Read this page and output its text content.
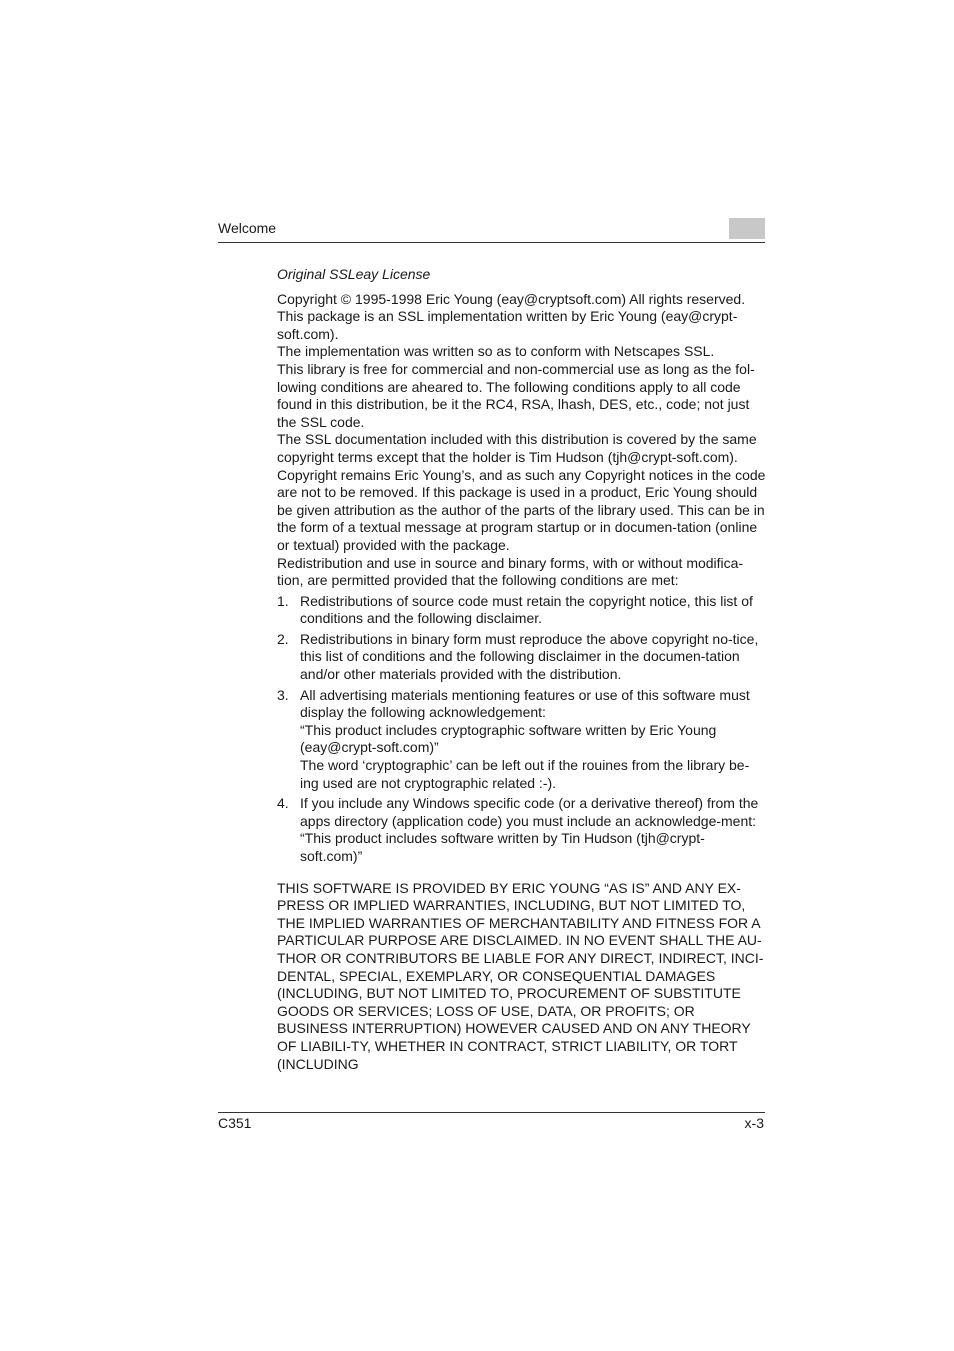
Welcome

Original SSLeay License

Copyright © 1995-1998 Eric Young (eay@cryptsoft.com) All rights reserved.

This package is an SSL implementation written by Eric Young (eay@crypt-soft.com).

The implementation was written so as to conform with Netscapes SSL.

This library is free for commercial and non-commercial use as long as the fol-lowing conditions are aheared to. The following conditions apply to all code found in this distribution, be it the RC4, RSA, lhash, DES, etc., code; not just the SSL code.

The SSL documentation included with this distribution is covered by the same copyright terms except that the holder is Tim Hudson (tjh@crypt-soft.com).

Copyright remains Eric Young’s, and as such any Copyright notices in the code are not to be removed. If this package is used in a product, Eric Young should be given attribution as the author of the parts of the library used. This can be in the form of a textual message at program startup or in documen-tation (online or textual) provided with the package.

Redistribution and use in source and binary forms, with or without modifica-tion, are permitted provided that the following conditions are met:

1. Redistributions of source code must retain the copyright notice, this list of conditions and the following disclaimer.

2. Redistributions in binary form must reproduce the above copyright no-tice, this list of conditions and the following disclaimer in the documen-tation and/or other materials provided with the distribution.

3. All advertising materials mentioning features or use of this software must display the following acknowledgement:

“This product includes cryptographic software written by Eric Young (eay@crypt-soft.com)”

The word ‘cryptographic’ can be left out if the rouines from the library be-ing used are not cryptographic related :-).

4. If you include any Windows specific code (or a derivative thereof) from the apps directory (application code) you must include an acknowledge-ment:

“This product includes software written by Tin Hudson (tjh@crypt-soft.com)”

THIS SOFTWARE IS PROVIDED BY ERIC YOUNG “AS IS” AND ANY EX-PRESS OR IMPLIED WARRANTIES, INCLUDING, BUT NOT LIMITED TO, THE IMPLIED WARRANTIES OF MERCHANTABILITY AND FITNESS FOR A PARTICULAR PURPOSE ARE DISCLAIMED. IN NO EVENT SHALL THE AU-THOR OR CONTRIBUTORS BE LIABLE FOR ANY DIRECT, INDIRECT, INCI-DENTAL, SPECIAL, EXEMPLARY, OR CONSEQUENTIAL DAMAGES (INCLUDING, BUT NOT LIMITED TO, PROCUREMENT OF SUBSTITUTE GOODS OR SERVICES; LOSS OF USE, DATA, OR PROFITS; OR BUSINESS INTERRUPTION) HOWEVER CAUSED AND ON ANY THEORY OF LIABILI-TY, WHETHER IN CONTRACT, STRICT LIABILITY, OR TORT (INCLUDING

C351	x-3
